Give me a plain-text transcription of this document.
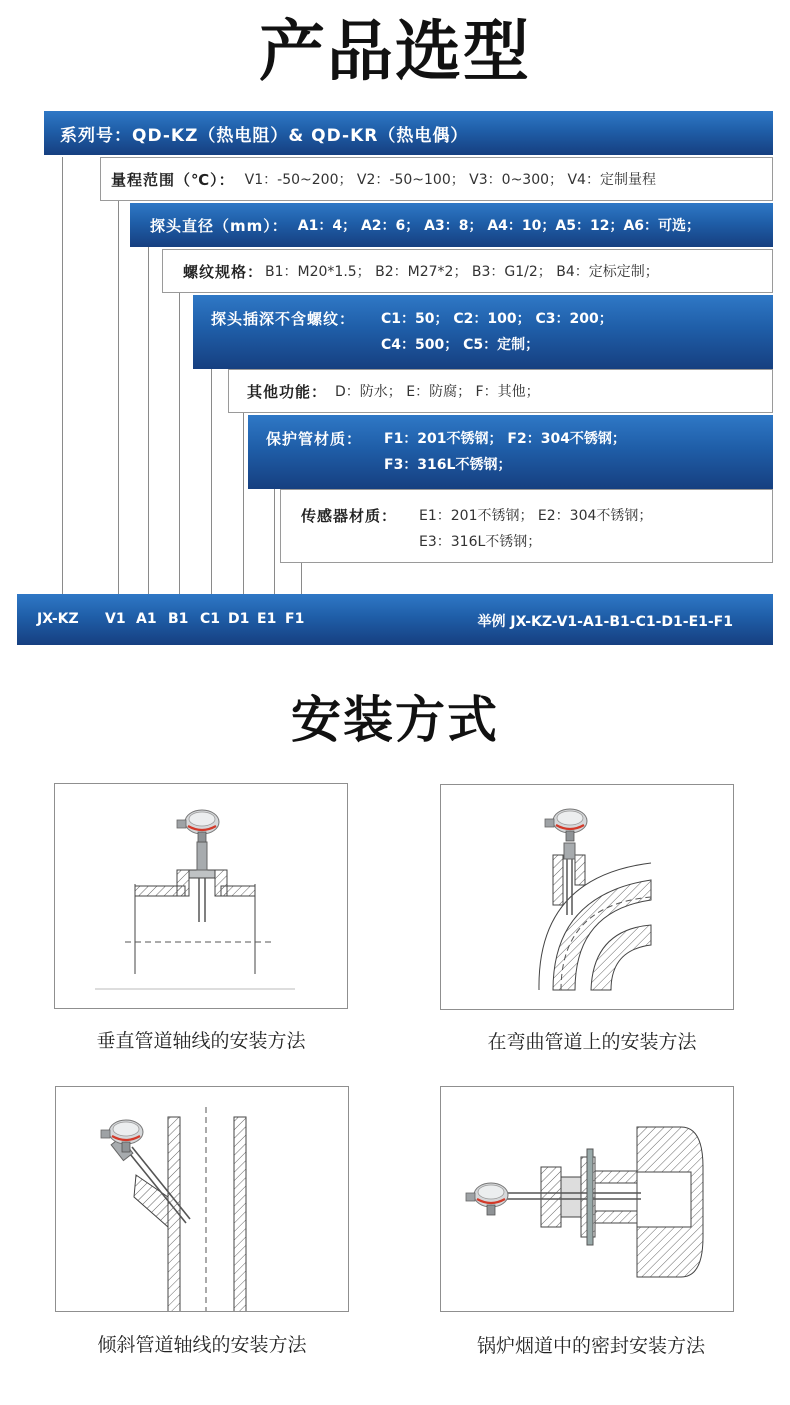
产品选型
系列号：QD-KZ（热电阻）& QD-KR（热电偶）
量程范围（℃）： V1：-50~200； V2：-50~100； V3：0~300； V4：定制量程
探头直径（mm）： A1：4； A2：6； A3：8； A4：10；A5：12；A6：可选；
螺纹规格： B1：M20*1.5； B2：M27*2； B3：G1/2； B4：定标定制；
探头插深不含螺纹：	C1：50； C2：100； C3：200；
C4：500； C5：定制；
其他功能： D：防水； E：防腐； F：其他；
保护管材质：	F1：201不锈钢； F2：304不锈钢；
F3：316L不锈钢；
传感器材质：	E1：201不锈钢； E2：304不锈钢；
E3：316L不锈钢；
JX-KZ V1 A1 B1 C1 D1 E1 F1	举例 JX-KZ-V1-A1-B1-C1-D1-E1-F1
安装方式
垂直管道轴线的安装方法	在弯曲管道上的安装方法
倾斜管道轴线的安装方法	锅炉烟道中的密封安装方法
